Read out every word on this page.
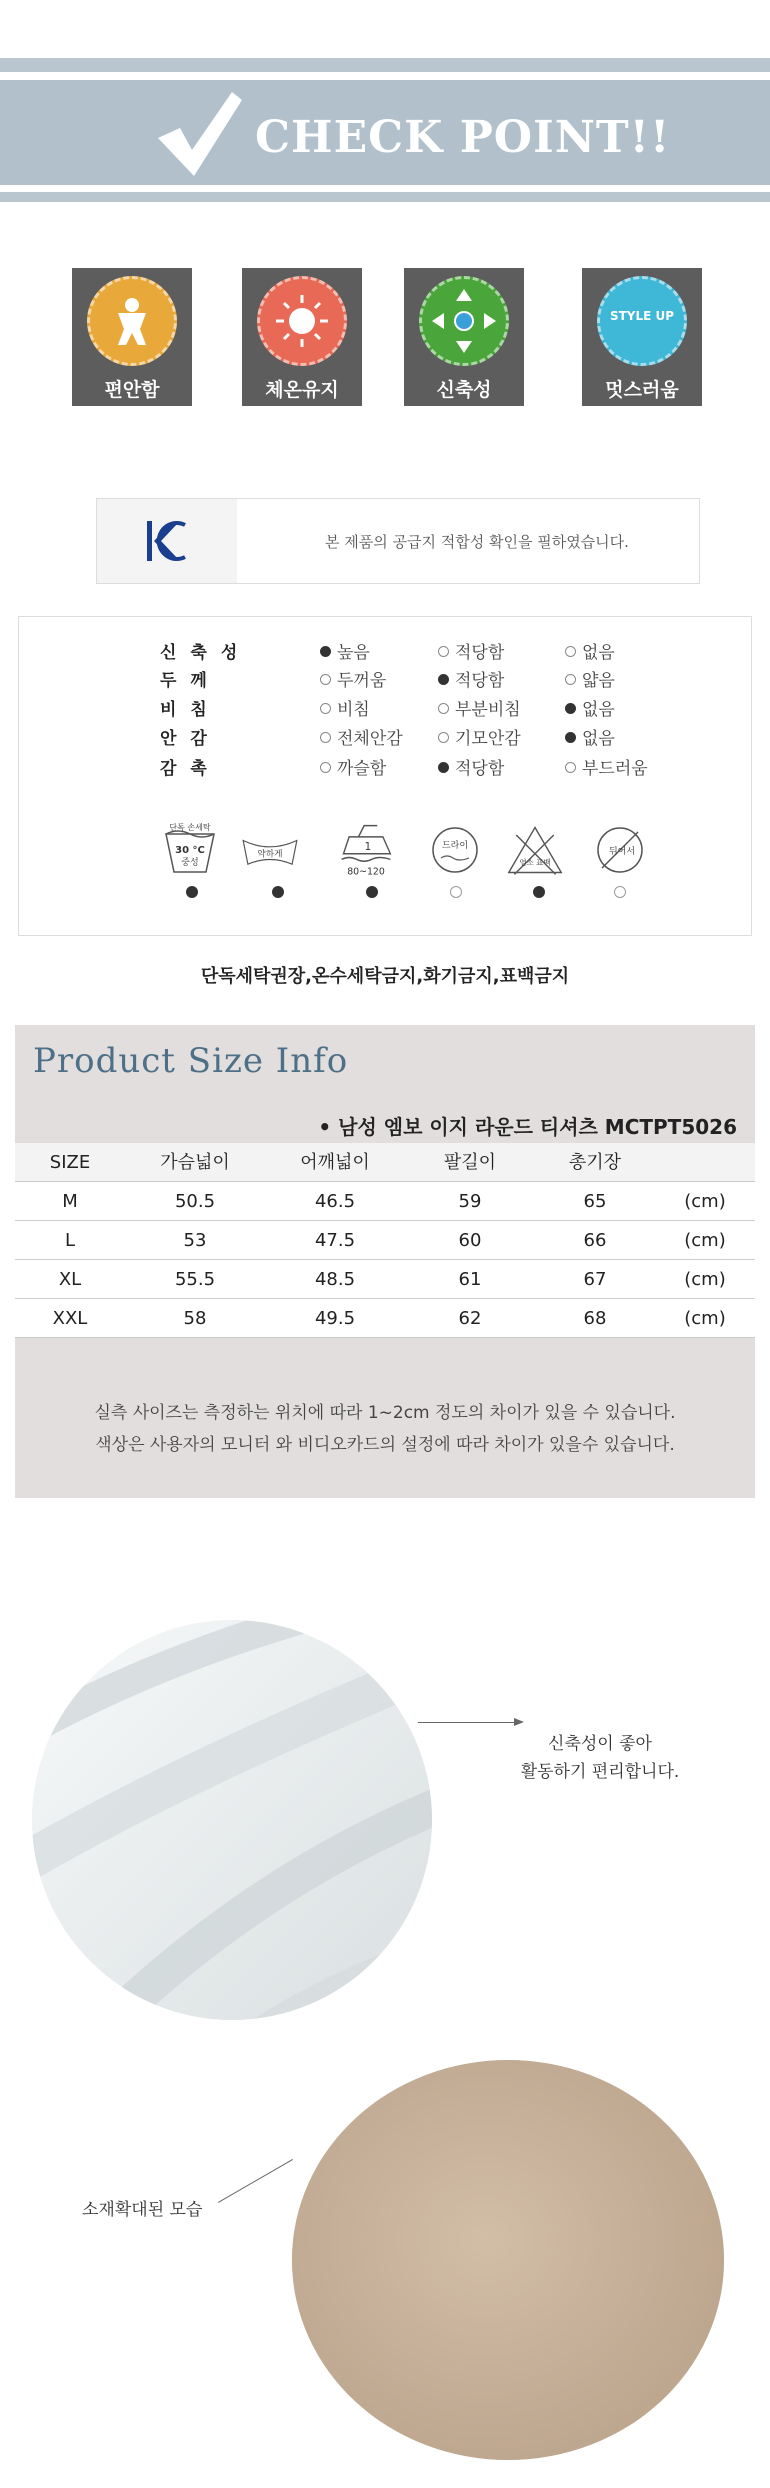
CHECK POINT!!
편안함	체온유지	신축성
STYLE UP
멋스러움
본 제품의 공급지 적합성 확인을 필하였습니다.
신축성	높음	적당함	없음
두께	두꺼움	적당함	얇음
비침	비침	부분비침	없음
안감	전체안감	기모안감	없음
감촉	까슬함	적당함	부드러움
단독 손세탁
30 °C
중성
약하게
1
80~120
드라이
염소 표백
뒤어서
단독세탁권장,온수세탁금지,화기금지,표백금지
Product Size Info
• 남성 엠보 이지 라운드 티셔츠 MCTPT5026
SIZE	가슴넓이	어깨넓이	팔길이	총기장
M	50.5	46.5	59	65	(cm)
L	53	47.5	60	66	(cm)
XL	55.5	48.5	61	67	(cm)
XXL	58	49.5	62	68	(cm)
실측 사이즈는 측정하는 위치에 따라 1~2cm 정도의 차이가 있을 수 있습니다.
색상은 사용자의 모니터 와 비디오카드의 설정에 따라 차이가 있을수 있습니다.
신축성이 좋아
활동하기 편리합니다.
소재확대된 모습
